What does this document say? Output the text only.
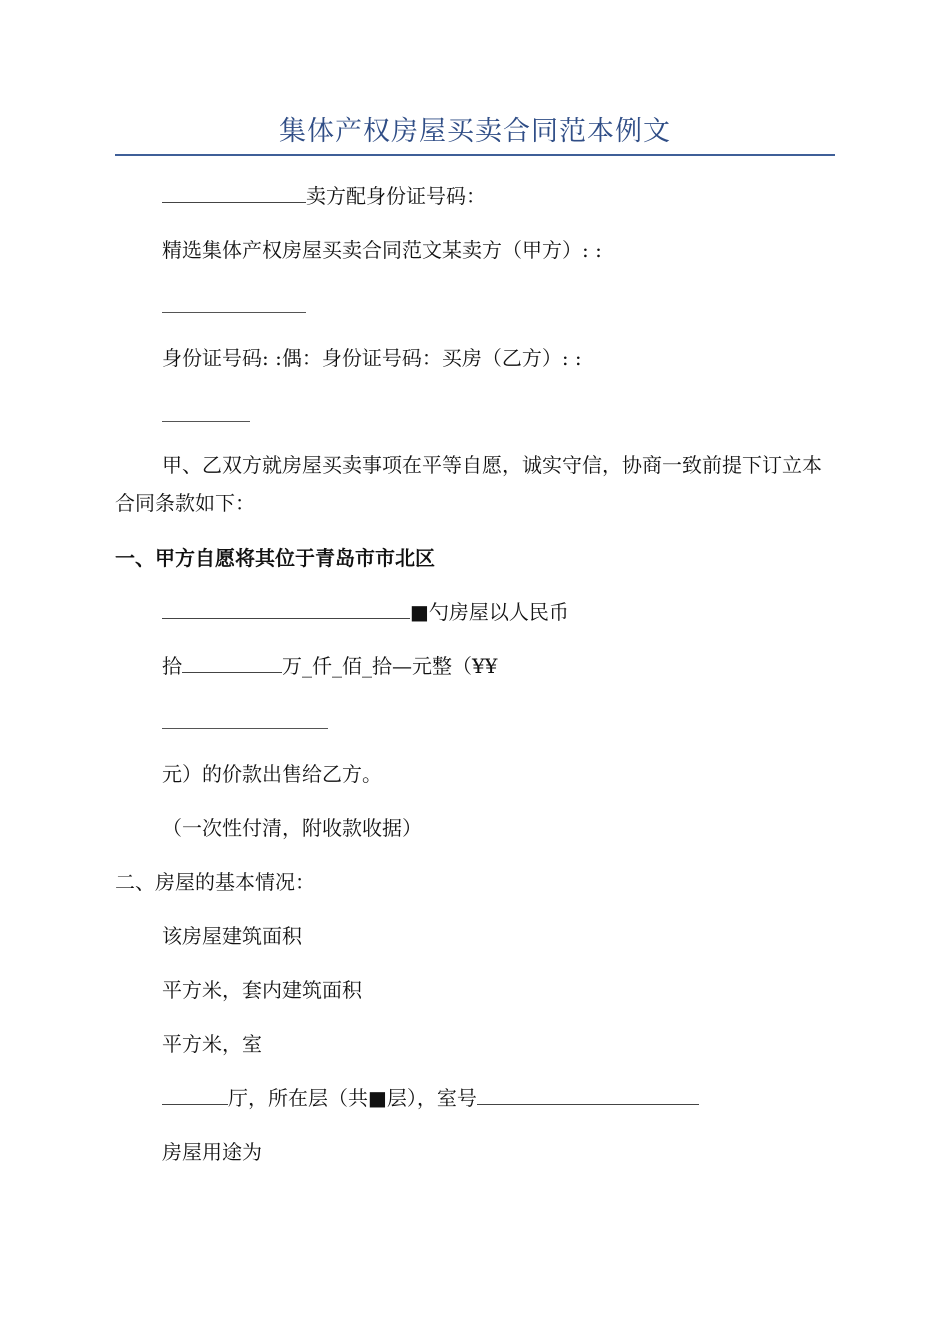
集体产权房屋买卖合同范本例文
卖方配身份证号码：
精选集体产权房屋买卖合同范文某卖方（甲方）: :
身份证号码: :偶：身份证号码：买房（乙方）: :
甲、乙双方就房屋买卖事项在平等自愿，诚实守信，协商一致前提下订立本合同条款如下：
一、甲方自愿将其位于青岛市市北区
■勺房屋以人民币
拾	万_仟_佰_拾—元整（¥¥
元）的价款出售给乙方。
（一次性付清，附收款收据）
二、房屋的基本情况：
该房屋建筑面积
平方米，套内建筑面积
平方米，室
厅，所在层（共■层），室号
房屋用途为
